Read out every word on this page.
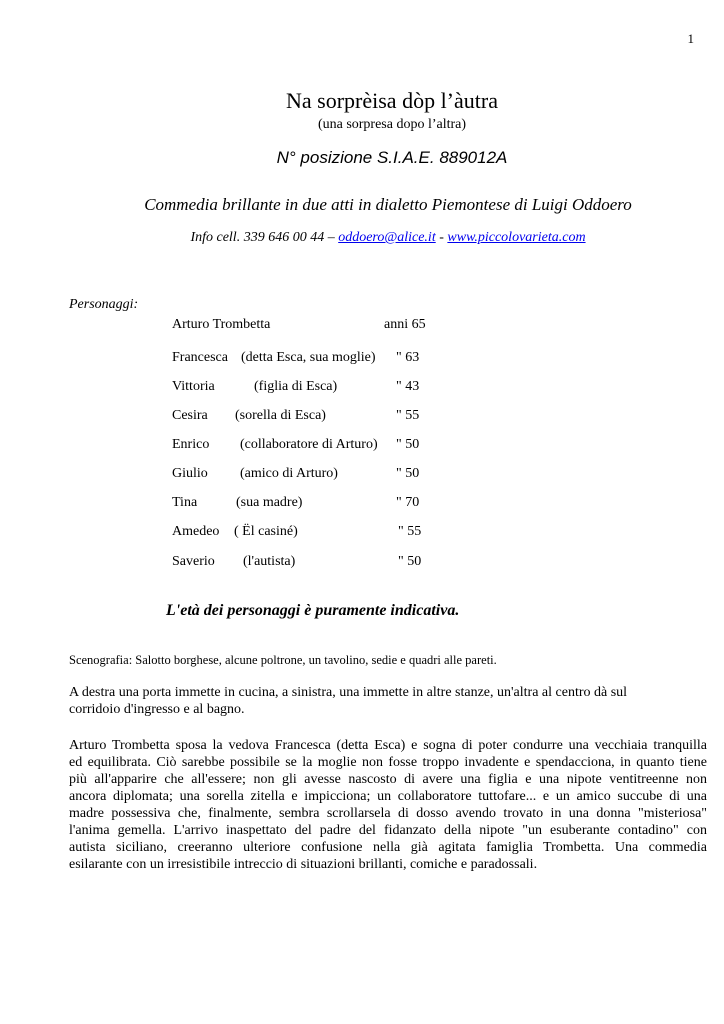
1
Na sorprèisa dòp l’àutra
(una sorpresa dopo l’altra)
N° posizione S.I.A.E. 889012A
Commedia brillante in due atti in dialetto Piemontese di Luigi Oddoero
Info cell. 339 646 00 44 – oddoero@alice.it - www.piccolovarieta.com
Personaggi:
Arturo Trombetta	anni 65
Francesca (detta Esca, sua moglie) " 63
Vittoria	(figlia di Esca)	" 43
Cesira (sorella di Esca)	" 55
Enrico (collaboratore di Arturo) " 50
Giulio (amico di Arturo)	" 50
Tina	(sua madre)	" 70
Amedeo ( Ël casiné)	" 55
Saverio (l'autista)	" 50
L'età dei personaggi è puramente indicativa.
Scenografia: Salotto borghese, alcune poltrone, un tavolino, sedie e quadri alle pareti.
A destra una porta immette in cucina, a sinistra, una immette in altre stanze, un'altra al centro dà sul
corridoio d'ingresso e al bagno.
Arturo Trombetta sposa la vedova Francesca (detta Esca) e sogna di poter condurre una vecchiaia tranquilla
ed equilibrata. Ciò sarebbe possibile se la moglie non fosse troppo invadente e spendacciona, in quanto tiene
più all'apparire che all'essere; non gli avesse nascosto di avere una figlia e una nipote ventitreenne non
ancora diplomata; una sorella zitella e impicciona; un collaboratore tuttofare... e un amico succube di una
madre possessiva che, finalmente, sembra scrollarsela di dosso avendo trovato in una donna "misteriosa"
l'anima gemella. L'arrivo inaspettato del padre del fidanzato della nipote "un esuberante contadino" con
autista siciliano, creeranno ulteriore confusione nella già agitata famiglia Trombetta. Una commedia
esilarante con un irresistibile intreccio di situazioni brillanti, comiche e paradossali.
